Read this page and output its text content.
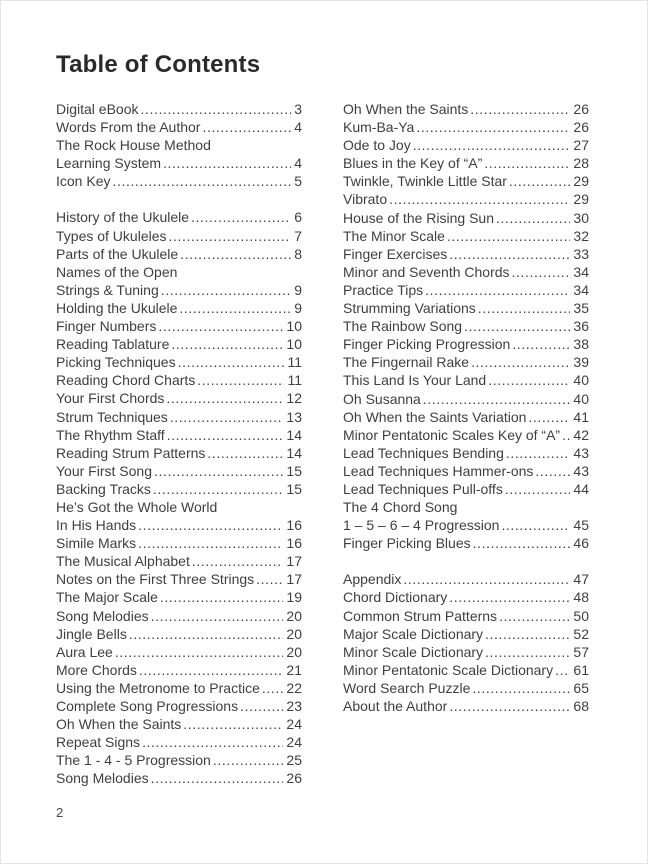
Table of Contents
Digital eBook .....	3
Words From the Author .....	4
The Rock House Method
Learning System .....	4
Icon Key .....	5
History of the Ukulele .....	6
Types of Ukuleles .....	7
Parts of the Ukulele .....	8
Names of the Open
Strings & Tuning .....	9
Holding the Ukulele .....	9
Finger Numbers .....	10
Reading Tablature .....	10
Picking Techniques .....	11
Reading Chord Charts .....	11
Your First Chords .....	12
Strum Techniques .....	13
The Rhythm Staff .....	14
Reading Strum Patterns .....	14
Your First Song .....	15
Backing Tracks .....	15
He’s Got the Whole World
In His Hands .....	16
Simile Marks .....	16
The Musical Alphabet .....	17
Notes on the First Three Strings ..... 17
The Major Scale .....	19
Song Melodies .....	20
Jingle Bells .....	20
Aura Lee .....	20
More Chords .....	21
Using the Metronome to Practice ..... 22
Complete Song Progressions .....	23
Oh When the Saints .....	24
Repeat Signs .....	24
The 1 - 4 - 5 Progression .....	25
Song Melodies .....	26
Oh When the Saints .....	26
Kum-Ba-Ya .....	26
Ode to Joy .....	27
Blues in the Key of “A” .....	28
Twinkle, Twinkle Little Star .....	29
Vibrato .....	29
House of the Rising Sun .....	30
The Minor Scale .....	32
Finger Exercises .....	33
Minor and Seventh Chords .....	34
Practice Tips .....	34
Strumming Variations .....	35
The Rainbow Song .....	36
Finger Picking Progression .....	38
The Fingernail Rake .....	39
This Land Is Your Land .....	40
Oh Susanna .....	40
Oh When the Saints Variation .....	41
Minor Pentatonic Scales Key of “A” ..... 42
Lead Techniques Bending .....	43
Lead Techniques Hammer-ons .....	43
Lead Techniques Pull-offs .....	44
The 4 Chord Song
1 – 5 – 6 – 4 Progression .....	45
Finger Picking Blues .....	46
Appendix .....	47
Chord Dictionary .....	48
Common Strum Patterns .....	50
Major Scale Dictionary .....	52
Minor Scale Dictionary .....	57
Minor Pentatonic Scale Dictionary ..... 61
Word Search Puzzle .....	65
About the Author .....	68
2
